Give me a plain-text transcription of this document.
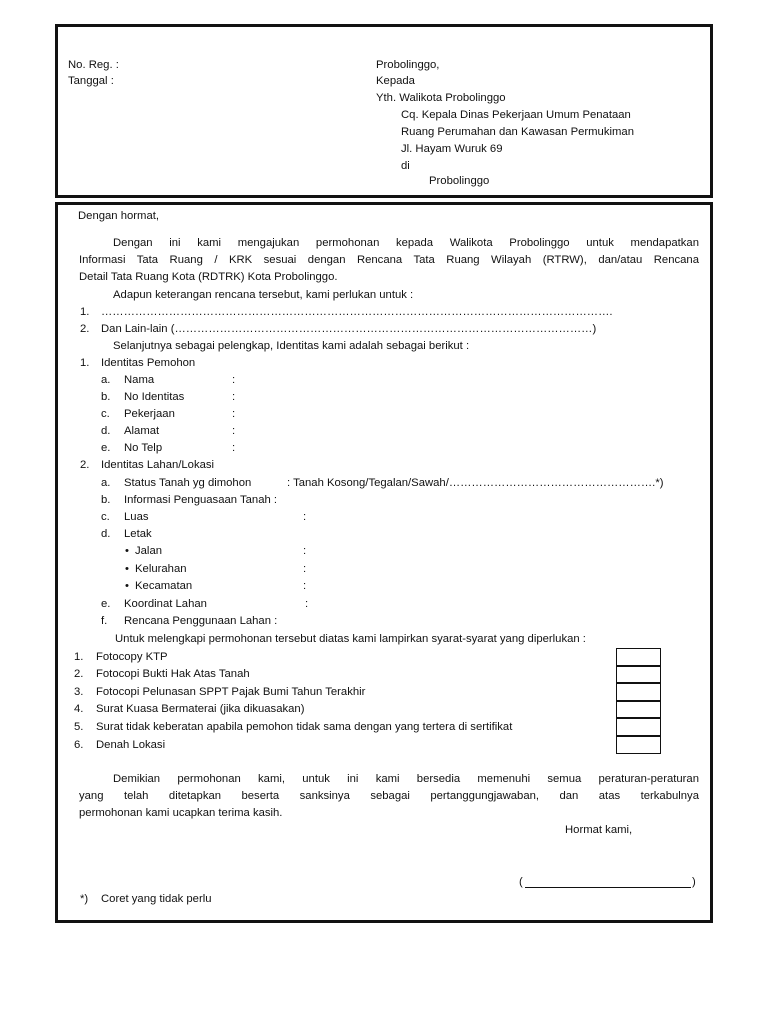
No. Reg. :
Tanggal :
Probolinggo,
Kepada
Yth. Walikota Probolinggo
Cq. Kepala Dinas Pekerjaan Umum Penataan
Ruang Perumahan dan Kawasan Permukiman
Jl. Hayam Wuruk 69
di
Probolinggo
Dengan hormat,
Dengan ini kami mengajukan permohonan kepada Walikota Probolinggo untuk mendapatkan
Informasi Tata Ruang / KRK sesuai dengan Rencana Tata Ruang Wilayah (RTRW), dan/atau Rencana
Detail Tata Ruang Kota (RDTRK) Kota Probolinggo.
Adapun keterangan rencana tersebut, kami perlukan untuk :
1. ……………………………………………………………………………………………………………………….
2. Dan Lain-lain (…………………………………………………………………………………………………)
Selanjutnya sebagai pelengkap, Identitas kami adalah sebagai berikut :
1. Identitas Pemohon
a. Nama	:
b. No Identitas	:
c. Pekerjaan	:
d. Alamat	:
e. No Telp	:
2. Identitas Lahan/Lokasi
a. Status Tanah yg dimohon	: Tanah Kosong/Tegalan/Sawah/……………………………………………….*)
b. Informasi Penguasaan Tanah :
c. Luas	:
d. Letak
• Jalan	:
• Kelurahan	:
• Kecamatan	:
e. Koordinat Lahan	:
f. Rencana Penggunaan Lahan :
Untuk melengkapi permohonan tersebut diatas kami lampirkan syarat-syarat yang diperlukan :
1. Fotocopy KTP
2. Fotocopi Bukti Hak Atas Tanah
3. Fotocopi Pelunasan SPPT Pajak Bumi Tahun Terakhir
4. Surat Kuasa Bermaterai (jika dikuasakan)
5. Surat tidak keberatan apabila pemohon tidak sama dengan yang tertera di sertifikat
6. Denah Lokasi
Demikian permohonan kami, untuk ini kami bersedia memenuhi semua peraturan-peraturan
yang telah ditetapkan beserta sanksinya sebagai pertanggungjawaban, dan atas terkabulnya
permohonan kami ucapkan terima kasih.
Hormat kami,
(	)
*) Coret yang tidak perlu
